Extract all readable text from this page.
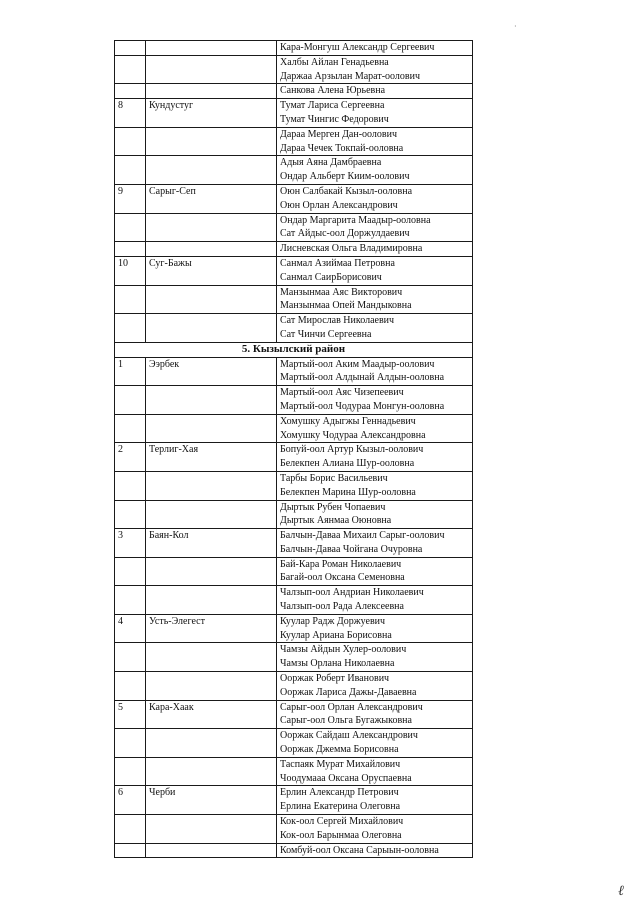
·

		Кара-Монгуш Александр Сергеевич

		Халбы Айлан Генадьевна
Даржаа Арзылан Марат-оолович

		Санкова Алена Юрьевна

8	Кундустуг	Тумат Лариса Сергеевна
Тумат Чингис Федорович

		Дараа Мерген Дан-оолович
Дараа Чечек Токпай-ооловна

		Адыя Аяна Дамбраевна
Ондар Альберт Киим-оолович

9	Сарыг-Сеп	Оюн Салбакай Кызыл-ооловна
Оюн Орлан Александрович

		Ондар Маргарита Маадыр-ооловна
Сат Айдыс-оол Доржулдаевич

		Лисневская Ольга Владимировна

10	Суг-Бажы	Санмал Азиймаа Петровна
Санмал СаирБорисович

		Манзынмаа Аяс Викторович
Манзынмаа Опей Мандыковна

		Сат Мирослав Николаевич
Сат Чинчи Сергеевна

5. Кызылский район		
1	Ээрбек	Мартый-оол Аким Маадыр-оолович
Мартый-оол Алдынай Алдын-ооловна

		Мартый-оол Аяс Чизепеевич
Мартый-оол Чодураа Монгун-ооловна

		Хомушку Адыгжы Геннадьевич
Хомушку Чодураа Александровна

2	Терлиг-Хая	Бопуй-оол Артур Кызыл-оолович
Белекпен Алиана Шур-ооловна

		Тарбы Борис Васильевич
Белекпен Марина Шур-ооловна

		Дыртык Рубен Чопаевич
Дыртык Аянмаа Оюновна

3	Баян-Кол	Балчын-Даваа Михаил Сарыг-оолович
Балчын-Даваа Чойгана Очуровна

		Бай-Кара Роман Николаевич
Багай-оол Оксана Семеновна

		Чалзып-оол Андриан Николаевич
Чалзып-оол Рада Алексеевна

4	Усть-Элегест	Куулар Радж Доржуевич
Куулар Ариана Борисовна

		Чамзы Айдын Хулер-оолович
Чамзы Орлана Николаевна

		Ооржак Роберт Иванович
Ооржак Лариса Дажы-Даваевна

5	Кара-Хаак	Сарыг-оол Орлан Александрович
Сарыг-оол Ольга Бугажыковна

		Ооржак Сайдаш Александрович
Ооржак Джемма Борисовна

		Таспаяк Мурат Михайлович
Чоодумааа Оксана Оруспаевна

6	Черби	Ерлин Александр Петрович
Ерлина Екатерина Олеговна

		Кок-оол Сергей Михайлович
Кок-оол Барынмаа Олеговна

		Комбуй-оол Оксана Сарыын-ооловна
ℓ
